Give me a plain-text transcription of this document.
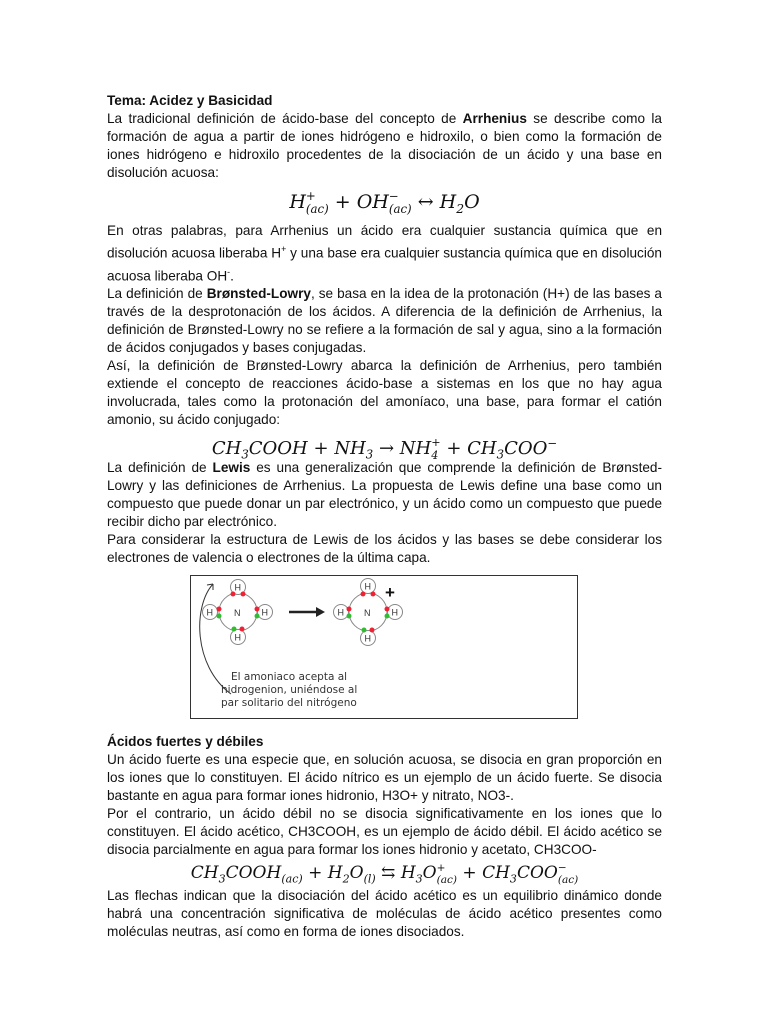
Tema: Acidez y Basicidad

La tradicional definición de ácido-base del concepto de Arrhenius se describe como la formación de agua a partir de iones hidrógeno e hidroxilo, o bien como la formación de iones hidrógeno e hidroxilo procedentes de la disociación de un ácido y una base en disolución acuosa:

H +
(ac) + OH −
(ac) ↔ $H_2O$

En otras palabras, para Arrhenius un ácido era cualquier sustancia química que en disolución acuosa liberaba H+ y una base era cualquier sustancia química que en disolución acuosa liberaba OH-.

La definición de Brønsted-Lowry, se basa en la idea de la protonación (H+) de las bases a través de la desprotonación de los ácidos. A diferencia de la definición de Arrhenius, la definición de Brønsted-Lowry no se refiere a la formación de sal y agua, sino a la formación de ácidos conjugados y bases conjugadas.

Así, la definición de Brønsted-Lowry abarca la definición de Arrhenius, pero también extiende el concepto de reacciones ácido-base a sistemas en los que no hay agua involucrada, tales como la protonación del amoníaco, una base, para formar el catión amonio, su ácido conjugado:

$CH_3COOH + NH_3$ → NH +
$4 + CH_3COO^-$

La definición de Lewis es una generalización que comprende la definición de Brønsted-Lowry y las definiciones de Arrhenius. La propuesta de Lewis define una base como un compuesto que puede donar un par electrónico, y un ácido como un compuesto que puede recibir dicho par electrónico.

Para considerar la estructura de Lewis de los ácidos y las bases se debe considerar los electrones de valencia o electrones de la última capa.

N
H
H	H
H
N
H
H	H
H
+
El amoniaco acepta al
hidrogenion, uniéndose al
par solitario del nitrógeno

Ácidos fuertes y débiles

Un ácido fuerte es una especie que, en solución acuosa, se disocia en gran proporción en los iones que lo constituyen. El ácido nítrico es un ejemplo de un ácido fuerte. Se disocia bastante en agua para formar iones hidronio, H3O+ y nitrato, NO3-.

Por el contrario, un ácido débil no se disocia significativamente en los iones que lo constituyen. El ácido acético, CH3COOH, es un ejemplo de ácido débil. El ácido acético se disocia parcialmente en agua para formar los iones hidronio y acetato, CH3COO-

$CH_3COOH_{(ac)} + H_2O_{(l)}$ ⇆ $H_3O$ +
$(ac) + CH_3COO$ −
(ac)

Las flechas indican que la disociación del ácido acético es un equilibrio dinámico donde habrá una concentración significativa de moléculas de ácido acético presentes como moléculas neutras, así como en forma de iones disociados.
